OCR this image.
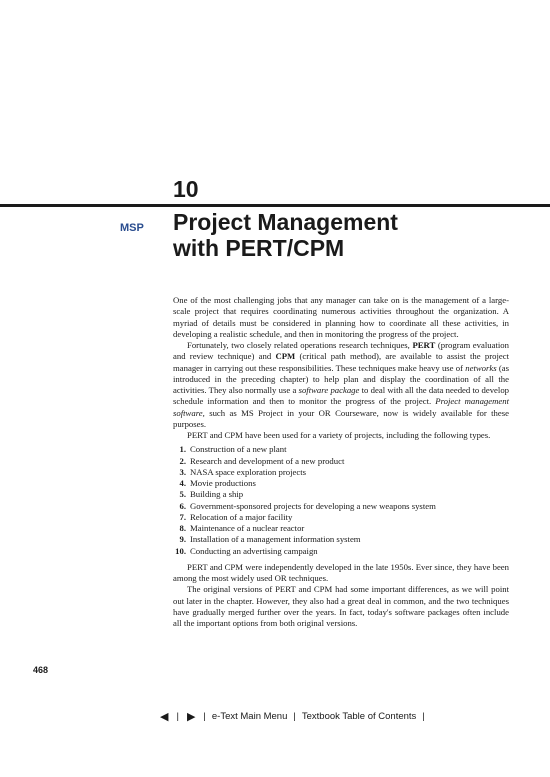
10
MSP Project Management
with PERT/CPM

One of the most challenging jobs that any manager can take on is the management of a large-scale project that requires coordinating numerous activities throughout the organization. A myriad of details must be considered in planning how to coordinate all these activities, in developing a realistic schedule, and then in monitoring the progress of the project.

Fortunately, two closely related operations research techniques, PERT (program evaluation and review technique) and CPM (critical path method), are available to assist the project manager in carrying out these responsibilities. These techniques make heavy use of networks (as introduced in the preceding chapter) to help plan and display the coordination of all the activities. They also normally use a software package to deal with all the data needed to develop schedule information and then to monitor the progress of the project. Project management software, such as MS Project in your OR Courseware, now is widely available for these purposes.

PERT and CPM have been used for a variety of projects, including the following types.

1. Construction of a new plant
2. Research and development of a new product
3. NASA space exploration projects
4. Movie productions
5. Building a ship
6. Government-sponsored projects for developing a new weapons system
7. Relocation of a major facility
8. Maintenance of a nuclear reactor
9. Installation of a management information system
10. Conducting an advertising campaign

PERT and CPM were independently developed in the late 1950s. Ever since, they have been among the most widely used OR techniques.

The original versions of PERT and CPM had some important differences, as we will point out later in the chapter. However, they also had a great deal in common, and the two techniques have gradually merged further over the years. In fact, today's software packages often include all the important options from both original versions.

468
◀ | ▶ | e-Text Main Menu | Textbook Table of Contents |
